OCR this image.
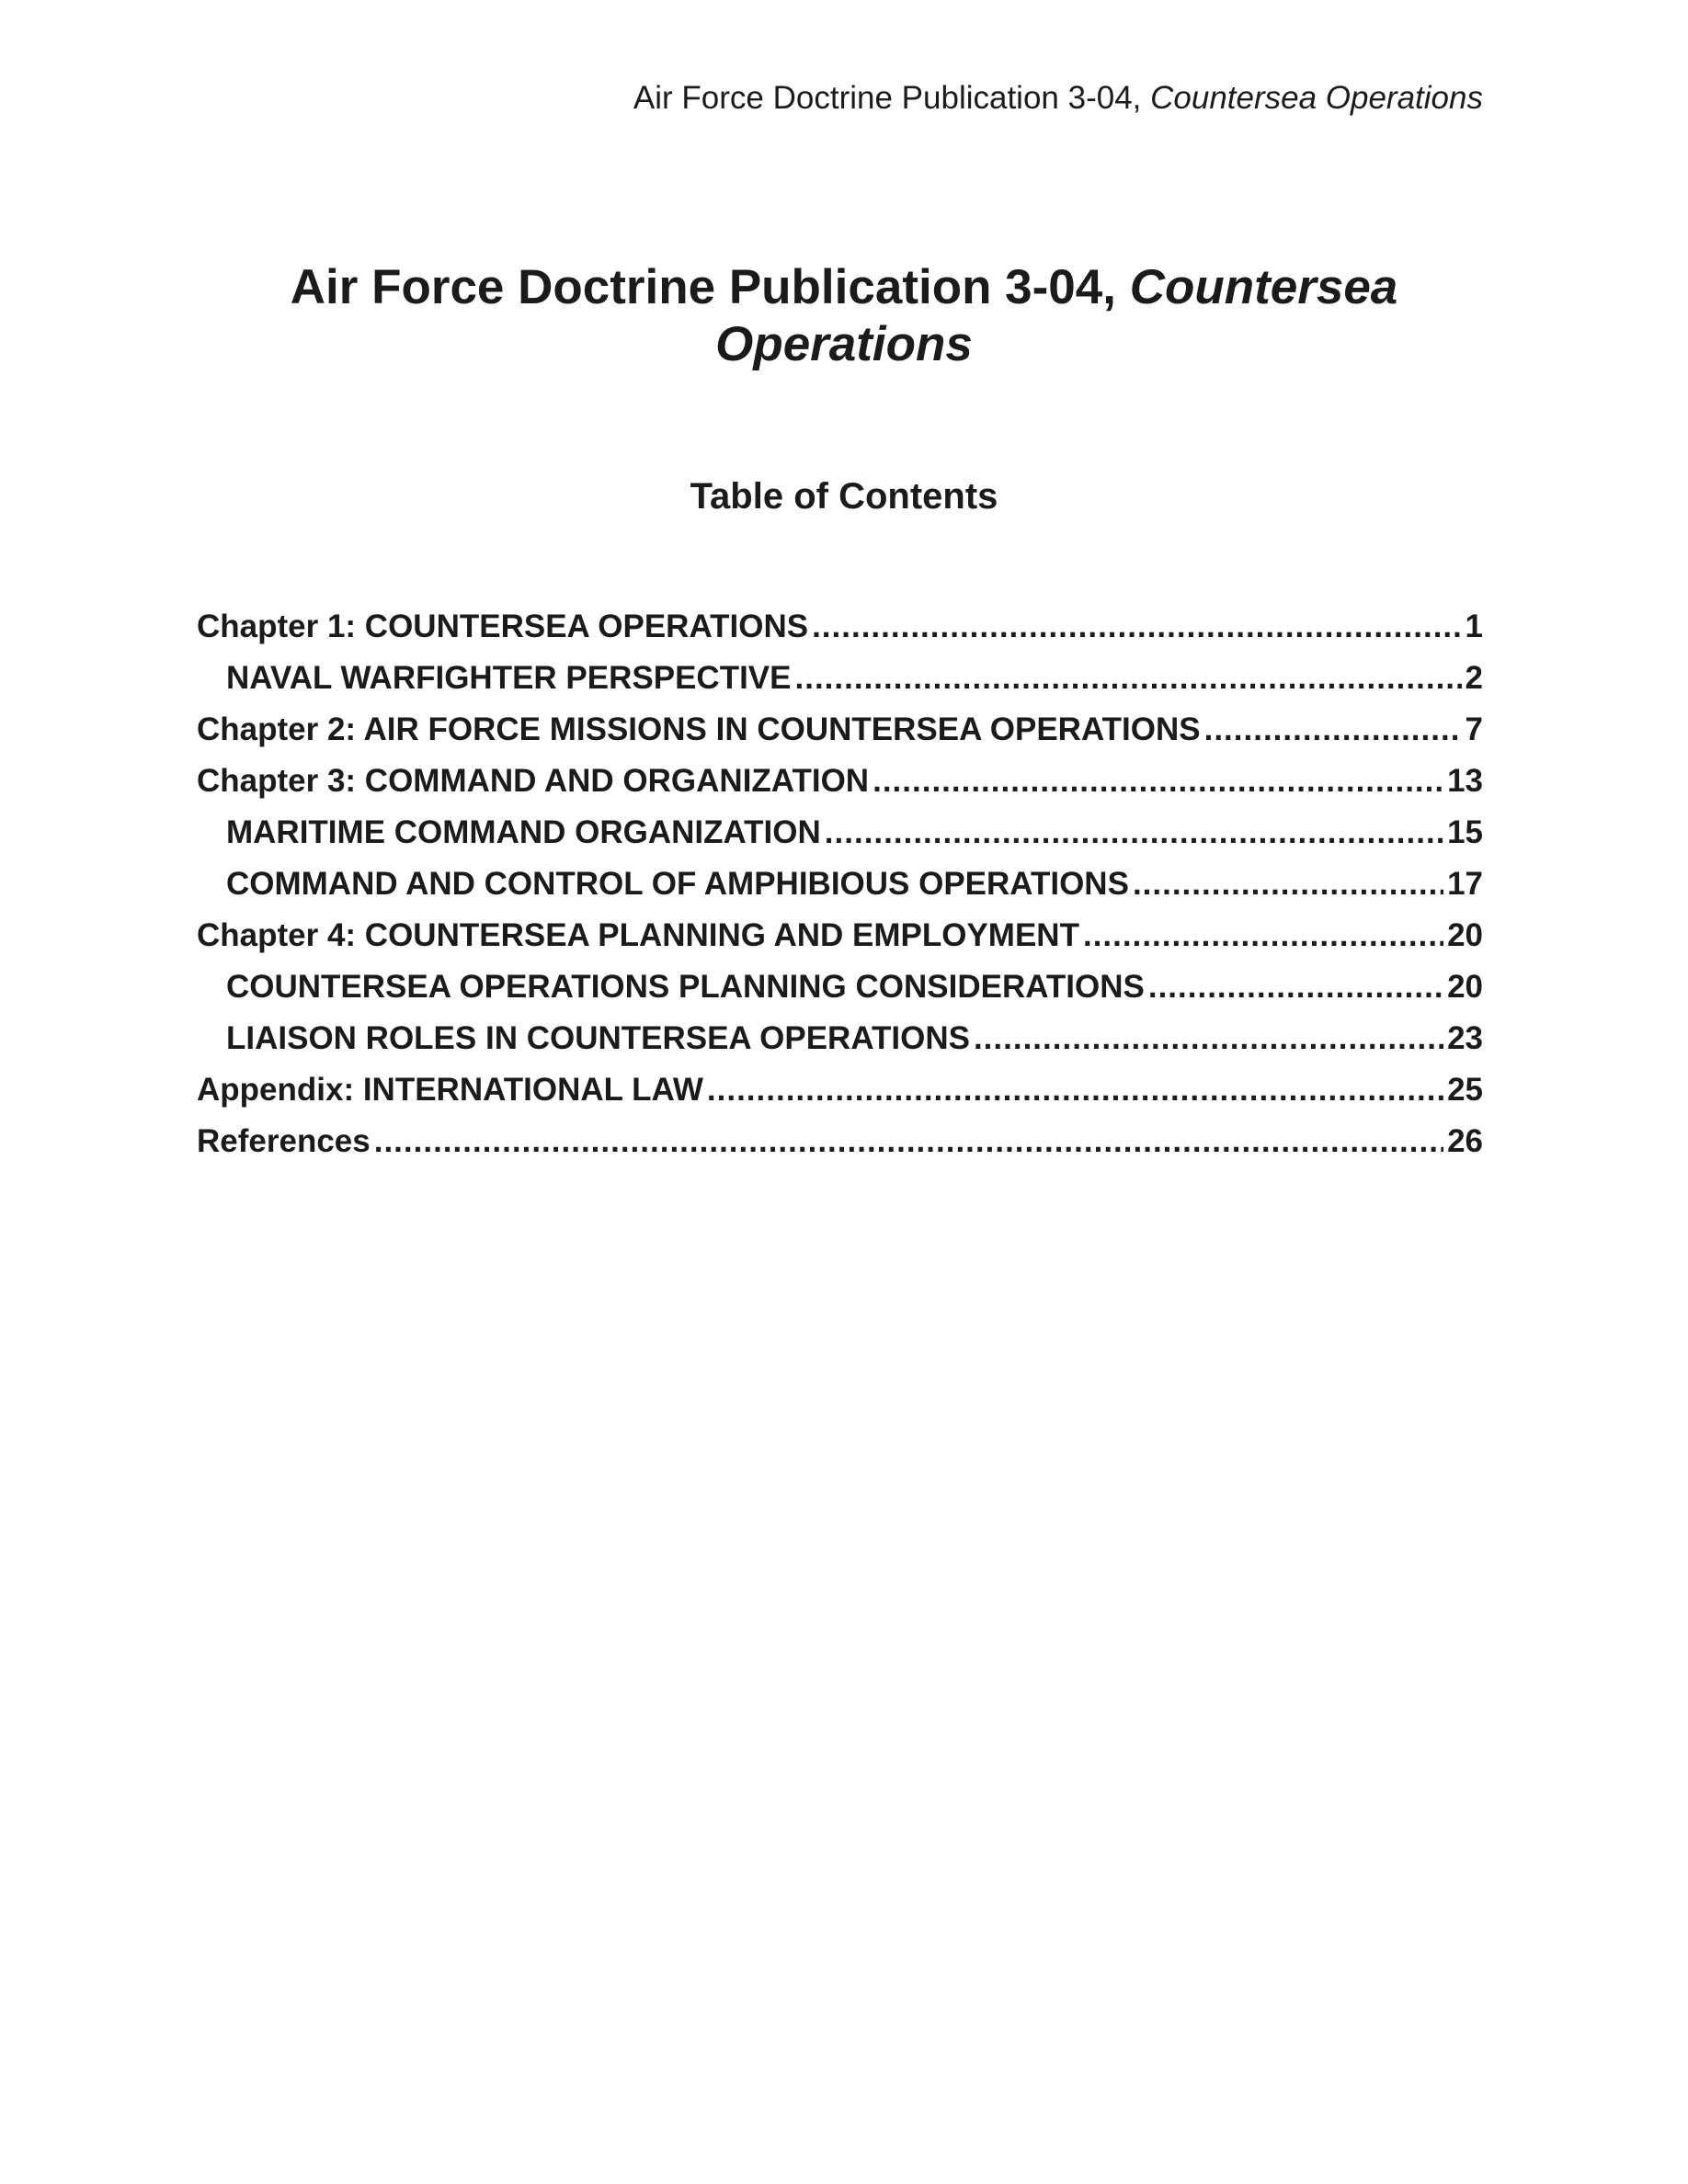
Air Force Doctrine Publication 3-04, Countersea Operations
Air Force Doctrine Publication 3-04, Countersea
Operations
Table of Contents
Chapter 1: COUNTERSEA OPERATIONS .....	1
NAVAL WARFIGHTER PERSPECTIVE .....	2
Chapter 2: AIR FORCE MISSIONS IN COUNTERSEA OPERATIONS .....	7
Chapter 3: COMMAND AND ORGANIZATION .....	13
MARITIME COMMAND ORGANIZATION .....	15
COMMAND AND CONTROL OF AMPHIBIOUS OPERATIONS .....	17
Chapter 4: COUNTERSEA PLANNING AND EMPLOYMENT .....	20
COUNTERSEA OPERATIONS PLANNING CONSIDERATIONS .....	20
LIAISON ROLES IN COUNTERSEA OPERATIONS .....	23
Appendix: INTERNATIONAL LAW .....	25
References .....	26
